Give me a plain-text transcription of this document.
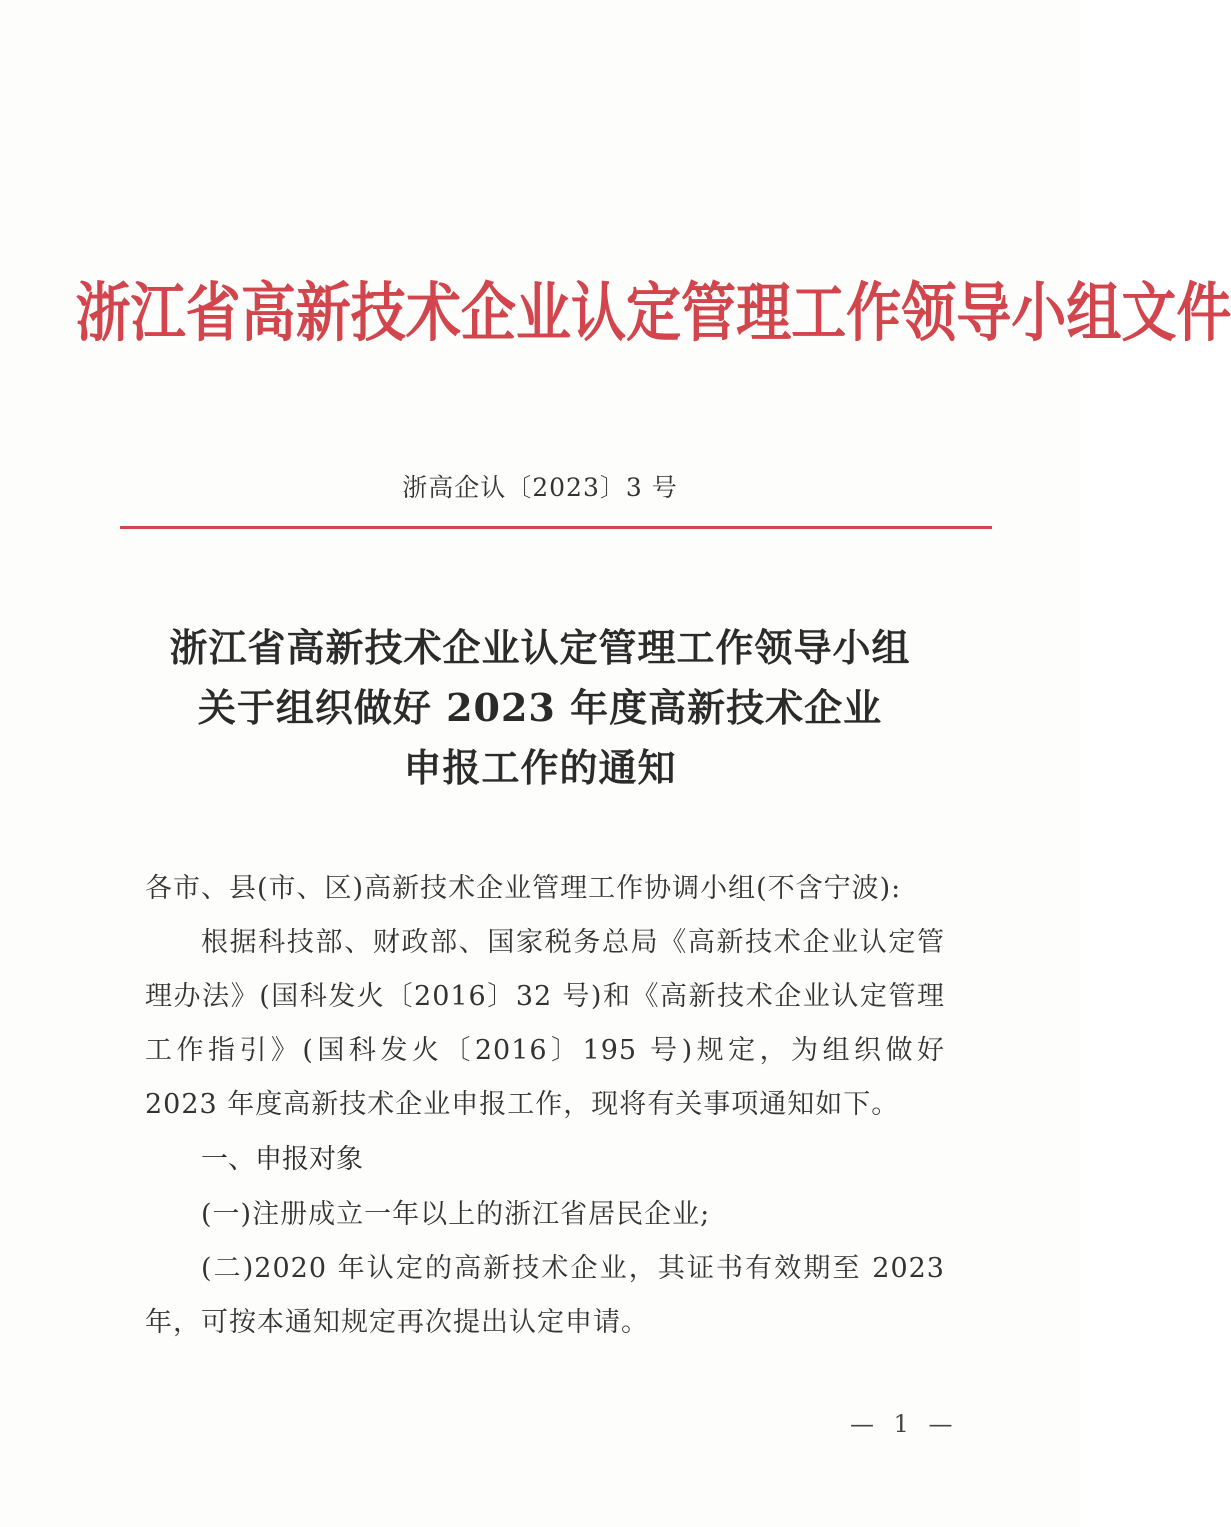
浙江省高新技术企业认定管理工作领导小组文件
浙高企认〔2023〕3 号
浙江省高新技术企业认定管理工作领导小组
关于组织做好 2023 年度高新技术企业
申报工作的通知

各市、县(市、区)高新技术企业管理工作协调小组(不含宁波):

根据科技部、财政部、国家税务总局《高新技术企业认定管理办法》(国科发火〔2016〕32 号)和《高新技术企业认定管理工作指引》(国科发火〔2016〕195 号)规定，为组织做好 2023 年度高新技术企业申报工作，现将有关事项通知如下。

一、申报对象

(一)注册成立一年以上的浙江省居民企业;

(二)2020 年认定的高新技术企业，其证书有效期至 2023 年，可按本通知规定再次提出认定申请。

— 1 —
